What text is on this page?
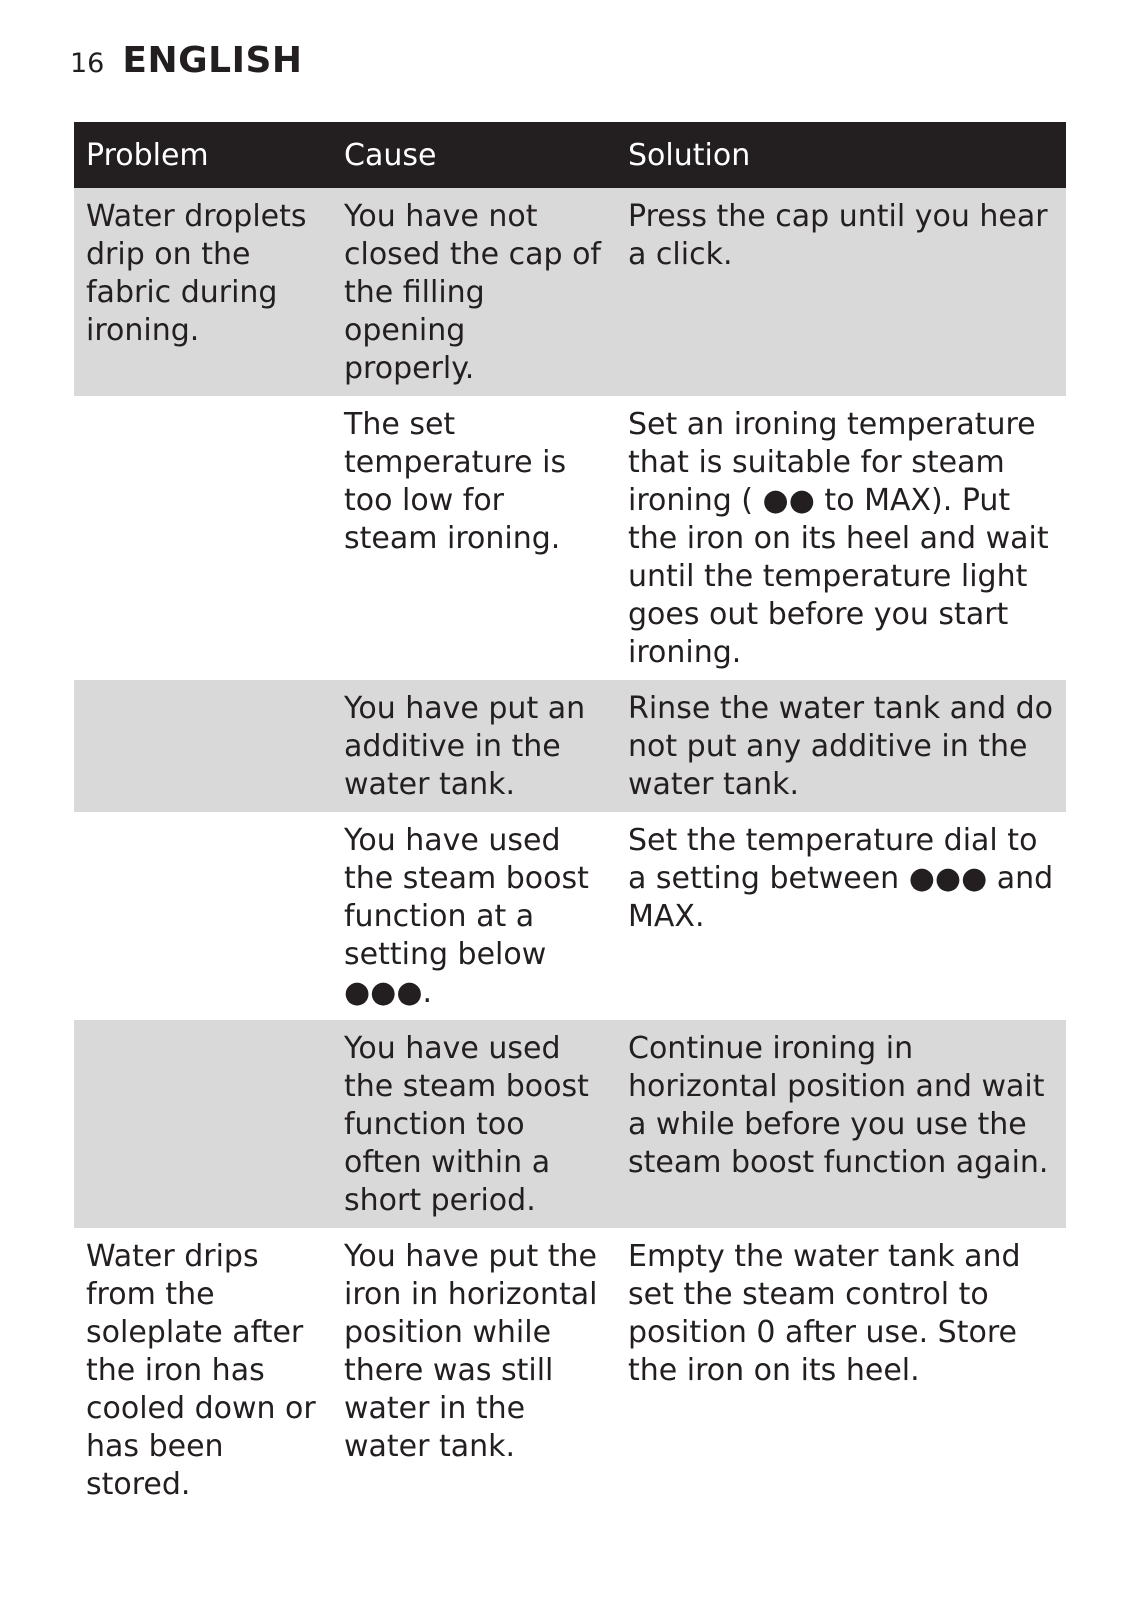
16 ENGLISH
Problem	Cause	Solution
Water droplets drip on the fabric during ironing.	You have not closed the cap of the filling opening properly.	Press the cap until you hear a click.
	The set temperature is too low for steam ironing.	Set an ironing temperature that is suitable for steam ironing ( ●● to MAX). Put the iron on its heel and wait until the temperature light goes out before you start ironing.
	You have put an additive in the water tank.	Rinse the water tank and do not put any additive in the water tank.
	You have used the steam boost function at a setting below ●●●.	Set the temperature dial to a setting between ●●● and MAX.
	You have used the steam boost function too often within a short period.	Continue ironing in horizontal position and wait a while before you use the steam boost function again.
Water drips from the soleplate after the iron has cooled down or has been stored.	You have put the iron in horizontal position while there was still water in the water tank.	Empty the water tank and set the steam control to position 0 after use. Store the iron on its heel.
